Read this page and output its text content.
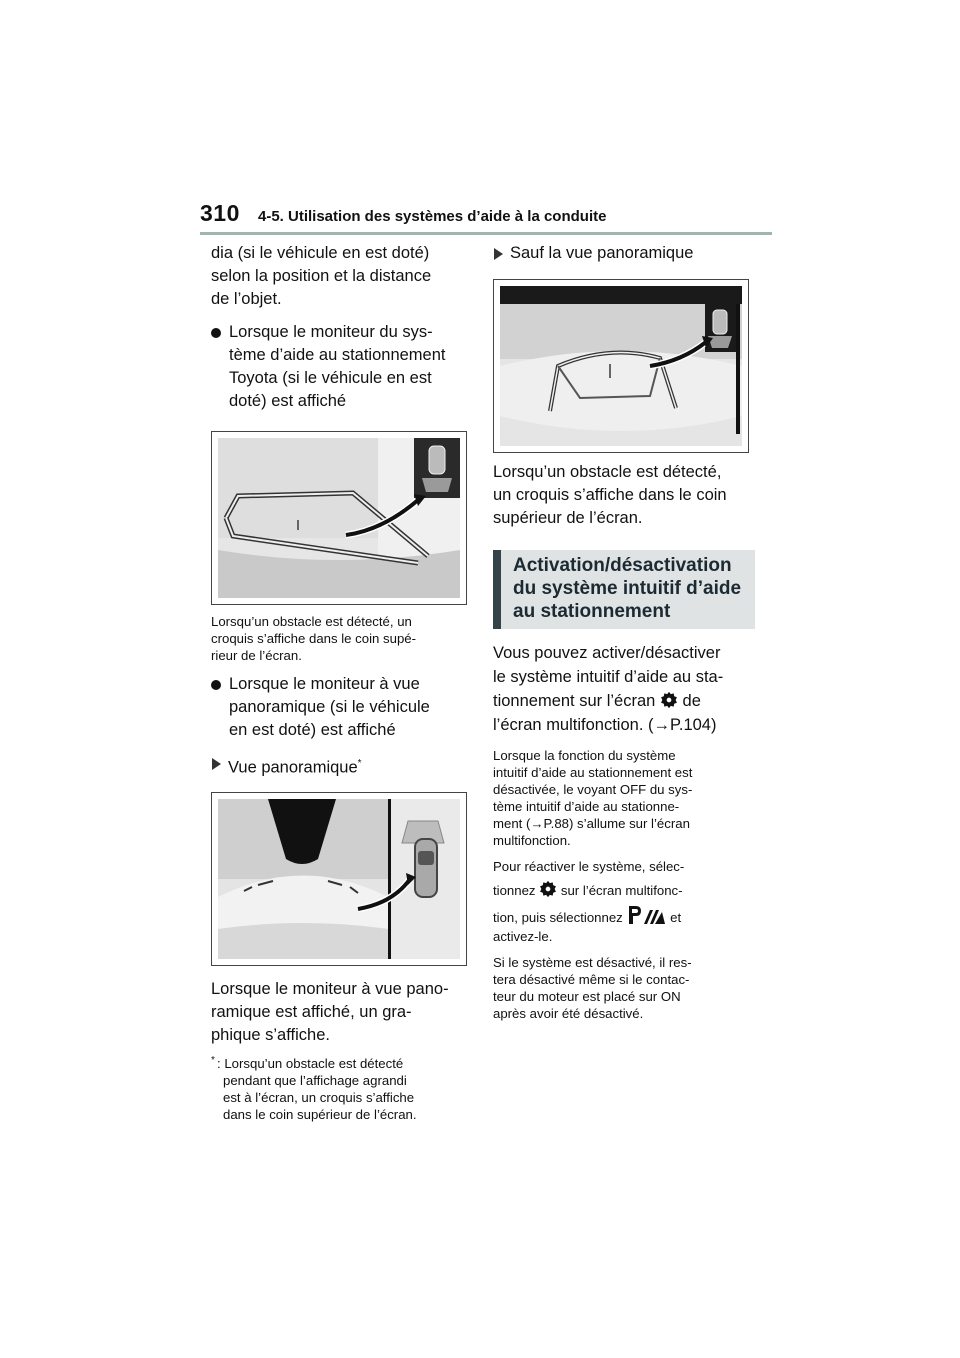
310 4-5. Utilisation des systèmes d’aide à la conduite
dia (si le véhicule en est doté)
selon la position et la distance
de l’objet.
Lorsque le moniteur du sys-
tème d’aide au stationnement
Toyota (si le véhicule en est
doté) est affiché
Lorsqu’un obstacle est détecté, un
croquis s’affiche dans le coin supé-
rieur de l’écran.
Lorsque le moniteur à vue
panoramique (si le véhicule
en est doté) est affiché
Vue panoramique*
Lorsque le moniteur à vue pano-
ramique est affiché, un gra-
phique s’affiche.
* : Lorsqu’un obstacle est détecté
pendant que l’affichage agrandi
est à l’écran, un croquis s’affiche
dans le coin supérieur de l’écran.
Sauf la vue panoramique
Lorsqu’un obstacle est détecté,
un croquis s’affiche dans le coin
supérieur de l’écran.
Activation/désactivation
du système intuitif d’aide
au stationnement
Vous pouvez activer/désactiver
le système intuitif d’aide au sta-
tionnement sur l’écran de
l’écran multifonction. (→P.104)
Lorsque la fonction du système
intuitif d’aide au stationnement est
désactivée, le voyant OFF du sys-
tème intuitif d’aide au stationne-
ment (→P.88) s’allume sur l’écran
multifonction.
Pour réactiver le système, sélec-
tionnez sur l’écran multifonc-
tion, puis sélectionnez	et
activez-le.
Si le système est désactivé, il res-
tera désactivé même si le contac-
teur du moteur est placé sur ON
après avoir été désactivé.
